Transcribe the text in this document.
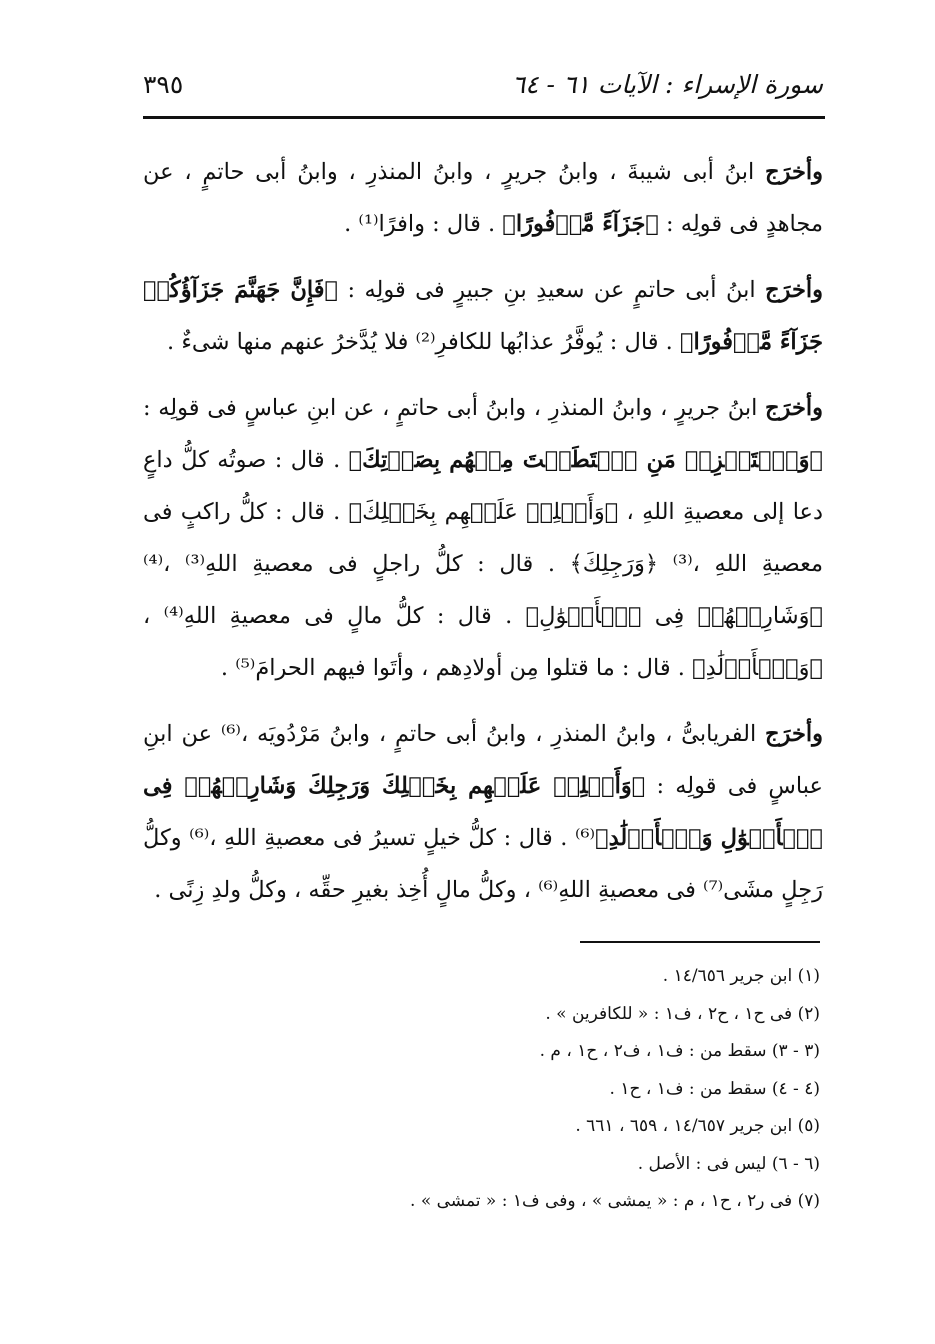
سورة الإسراء : الآيات ٦١ - ٦٤
٣٩٥

وأخرَج ابنُ أبى شيبةَ ، وابنُ جريرٍ ، وابنُ المنذرِ ، وابنُ أبى حاتمٍ ، عن مجاهدٍ فى قولِه : ﴿جَزَآءً مَّوۡفُورًا﴾ . قال : وافرًا⁽¹⁾ .

وأخرَج ابنُ أبى حاتمٍ عن سعيدِ بنِ جبيرٍ فى قولِه : ﴿فَإِنَّ جَهَنَّمَ جَزَآؤُكُمۡ جَزَآءً مَّوۡفُورًا﴾ . قال : يُوفَّرُ عذابُها للكافرِ⁽²⁾ فلا يُدَّخرُ عنهم منها شىءٌ .

وأخرَج ابنُ جريرٍ ، وابنُ المنذرِ ، وابنُ أبى حاتمٍ ، عن ابنِ عباسٍ فى قولِه : ﴿وَٱسۡتَفۡزِزۡ مَنِ ٱسۡتَطَعۡتَ مِنۡهُم بِصَوۡتِكَ﴾ . قال : صوتُه كلُّ داعٍ دعا إلى معصيةِ اللهِ ، ﴿وَأَجۡلِبۡ عَلَيۡهِم بِخَيۡلِكَ﴾ . قال : كلُّ راكبٍ فى معصيةِ اللهِ ،⁽³⁾ ﴿وَرَجِلِكَ﴾ . قال : كلُّ راجلٍ فى معصيةِ اللهِ⁽³⁾ ،⁽⁴⁾ ﴿وَشَارِكۡهُمۡ فِى ٱلۡأَمۡوَٰلِ﴾ . قال : كلُّ مالٍ فى معصيةِ اللهِ⁽⁴⁾ ، ﴿وَٱلۡأَوۡلَٰدِ﴾ . قال : ما قتلوا مِن أولادِهم ، وأتَوا فيهم الحرامَ⁽⁵⁾ .

وأخرَج الفريابىُّ ، وابنُ المنذرِ ، وابنُ أبى حاتمٍ ، وابنُ مَرْدُويَه ،⁽⁶⁾ عن ابنِ عباسٍ فى قولِه : ﴿وَأَجۡلِبۡ عَلَيۡهِم بِخَيۡلِكَ وَرَجِلِكَ وَشَارِكۡهُمۡ فِى ٱلۡأَمۡوَٰلِ وَٱلۡأَوۡلَٰدِ﴾⁽⁶⁾ . قال : كلُّ خيلٍ تسيرُ فى معصيةِ اللهِ ،⁽⁶⁾ وكلُّ رَجِلٍ مشَى⁽⁷⁾ فى معصيةِ اللهِ⁽⁶⁾ ، وكلُّ مالٍ أُخِذ بغيرِ حقِّه ، وكلُّ ولدِ زِنًى .

(١) ابن جرير ١٤/٦٥٦ .

(٢) فى ح١ ، ح٢ ، ف١ : « للكافرين » .

(٣ - ٣) سقط من : ف١ ، ف٢ ، ح١ ، م .

(٤ - ٤) سقط من : ف١ ، ح١ .

(٥) ابن جرير ١٤/٦٥٧ ، ٦٥٩ ، ٦٦١ .

(٦ - ٦) ليس فى : الأصل .

(٧) فى ر٢ ، ح١ ، م : « يمشى » ، وفى ف١ : « تمشى » .
